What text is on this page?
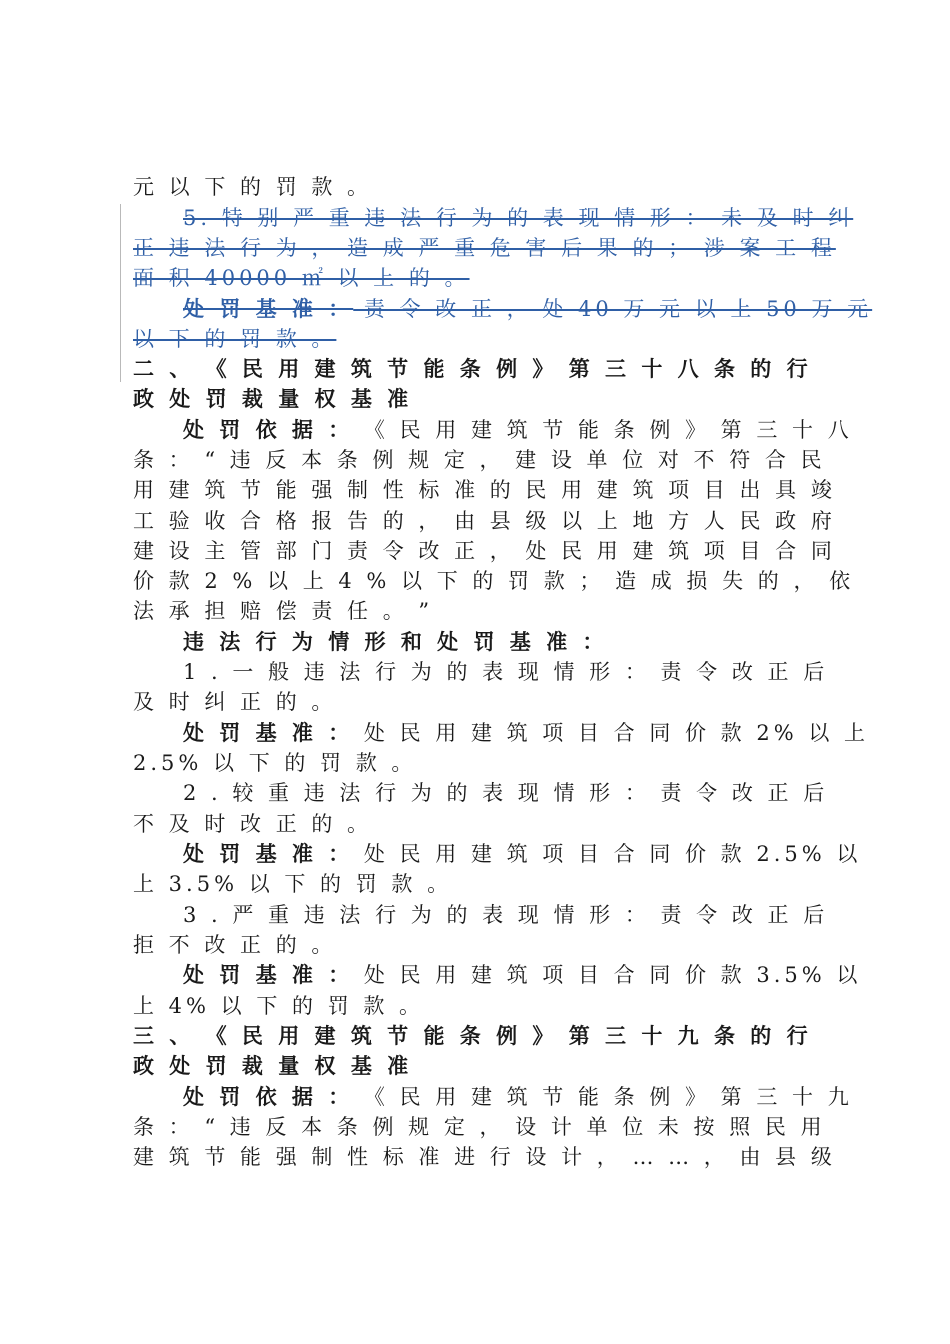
元 以 下 的 罚 款 。
5. 特 别 严 重 违 法 行 为 的 表 现 情 形 ： 未 及 时 纠
正 违 法 行 为 ， 造 成 严 重 危 害 后 果 的 ； 涉 案 工 程
面 积 40000 ㎡ 以 上 的 。
处 罚 基 准 ： 责 令 改 正 ， 处 40 万 元 以 上 50 万 元
以 下 的 罚 款 。
二 、 《 民 用 建 筑 节 能 条 例 》 第 三 十 八 条 的 行
政 处 罚 裁 量 权 基 准
处 罚 依 据 ： 《 民 用 建 筑 节 能 条 例 》 第 三 十 八
条 ： “ 违 反 本 条 例 规 定 ， 建 设 单 位 对 不 符 合 民
用 建 筑 节 能 强 制 性 标 准 的 民 用 建 筑 项 目 出 具 竣
工 验 收 合 格 报 告 的 ， 由 县 级 以 上 地 方 人 民 政 府
建 设 主 管 部 门 责 令 改 正 ， 处 民 用 建 筑 项 目 合 同
价 款 2 % 以 上 4 % 以 下 的 罚 款 ； 造 成 损 失 的 ， 依
法 承 担 赔 偿 责 任 。 ”
违 法 行 为 情 形 和 处 罚 基 准 ：
1 . 一 般 违 法 行 为 的 表 现 情 形 ： 责 令 改 正 后
及 时 纠 正 的 。
处 罚 基 准 ： 处 民 用 建 筑 项 目 合 同 价 款 2% 以 上
2.5% 以 下 的 罚 款 。
2 . 较 重 违 法 行 为 的 表 现 情 形 ： 责 令 改 正 后
不 及 时 改 正 的 。
处 罚 基 准 ： 处 民 用 建 筑 项 目 合 同 价 款 2.5% 以
上 3.5% 以 下 的 罚 款 。
3 . 严 重 违 法 行 为 的 表 现 情 形 ： 责 令 改 正 后
拒 不 改 正 的 。
处 罚 基 准 ： 处 民 用 建 筑 项 目 合 同 价 款 3.5% 以
上 4% 以 下 的 罚 款 。
三 、 《 民 用 建 筑 节 能 条 例 》 第 三 十 九 条 的 行
政 处 罚 裁 量 权 基 准
处 罚 依 据 ： 《 民 用 建 筑 节 能 条 例 》 第 三 十 九
条 ： “ 违 反 本 条 例 规 定 ， 设 计 单 位 未 按 照 民 用
建 筑 节 能 强 制 性 标 准 进 行 设 计 ， … … ， 由 县 级
